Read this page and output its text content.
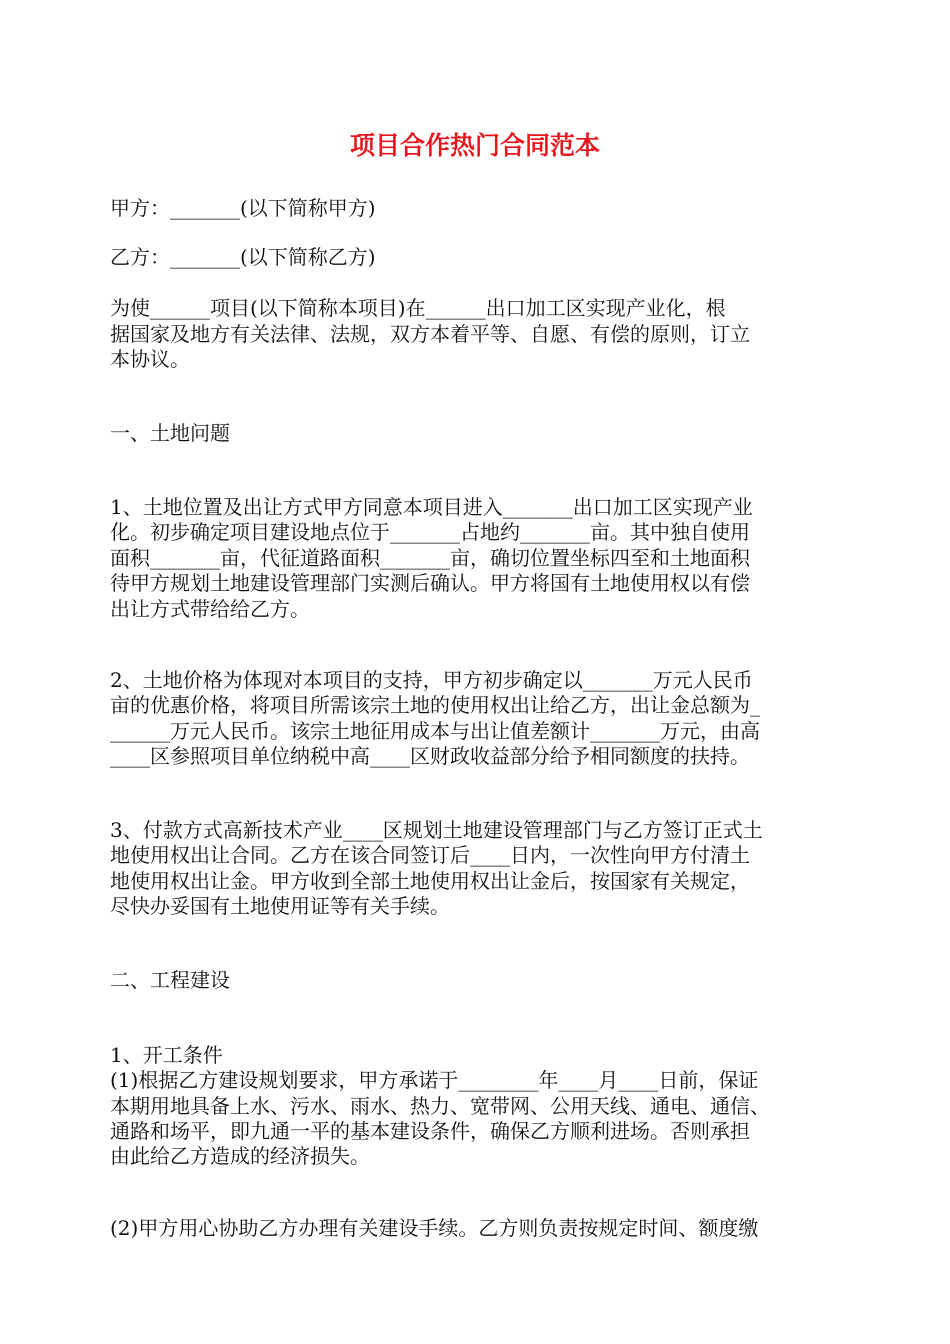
项目合作热门合同范本
甲方：_______(以下简称甲方)
乙方：_______(以下简称乙方)
为使______项目(以下简称本项目)在______出口加工区实现产业化，根
据国家及地方有关法律、法规，双方本着平等、自愿、有偿的原则，订立
本协议。
一、土地问题
1、土地位置及出让方式甲方同意本项目进入_______出口加工区实现产业
化。初步确定项目建设地点位于_______占地约_______亩。其中独自使用
面积_______亩，代征道路面积_______亩，确切位置坐标四至和土地面积
待甲方规划土地建设管理部门实测后确认。甲方将国有土地使用权以有偿
出让方式带给给乙方。
2、土地价格为体现对本项目的支持，甲方初步确定以_______万元人民币
亩的优惠价格，将项目所需该宗土地的使用权出让给乙方，出让金总额为_
______万元人民币。该宗土地征用成本与出让值差额计_______万元，由高
____区参照项目单位纳税中高____区财政收益部分给予相同额度的扶持。
3、付款方式高新技术产业____区规划土地建设管理部门与乙方签订正式土
地使用权出让合同。乙方在该合同签订后____日内，一次性向甲方付清土
地使用权出让金。甲方收到全部土地使用权出让金后，按国家有关规定，
尽快办妥国有土地使用证等有关手续。
二、工程建设
1、开工条件
(1)根据乙方建设规划要求，甲方承诺于________年____月____日前，保证
本期用地具备上水、污水、雨水、热力、宽带网、公用天线、通电、通信、
通路和场平，即九通一平的基本建设条件，确保乙方顺利进场。否则承担
由此给乙方造成的经济损失。
(2)甲方用心协助乙方办理有关建设手续。乙方则负责按规定时间、额度缴
